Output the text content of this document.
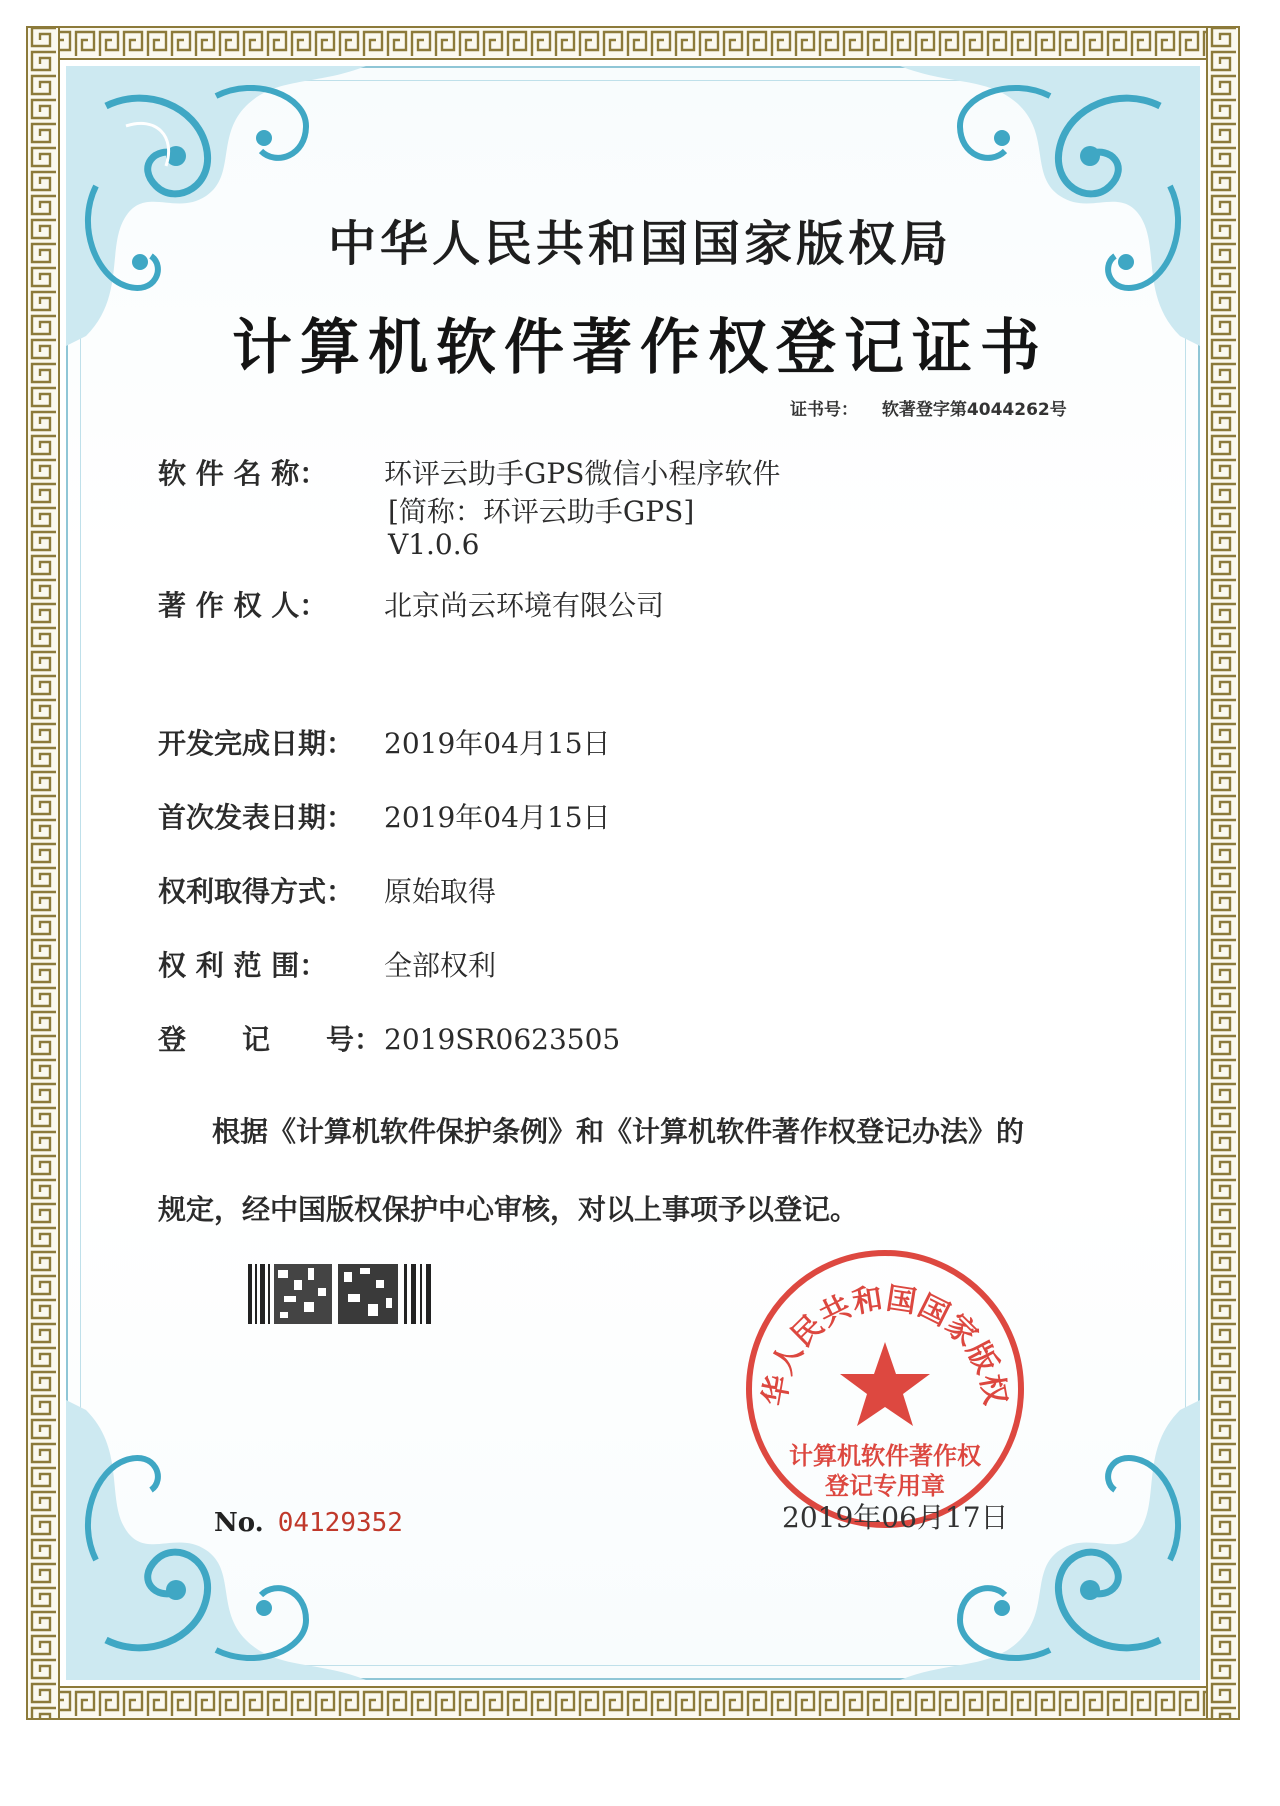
中华人民共和国国家版权局
计算机软件著作权登记证书
证书号： 软著登字第4044262号
软 件 名 称： 环评云助手GPS微信小程序软件
[简称：环评云助手GPS]
V1.0.6
著 作 权 人： 北京尚云环境有限公司
开发完成日期： 2019年04月15日
首次发表日期： 2019年04月15日
权利取得方式： 原始取得
权 利 范 围： 全部权利
登　　记　　号：2019SR0623505
根据《计算机软件保护条例》和《计算机软件著作权登记办法》的
规定，经中国版权保护中心审核，对以上事项予以登记。
华人民共和国国家版权
计算机软件著作权
登记专用章
No. 04129352	2019年06月17日
